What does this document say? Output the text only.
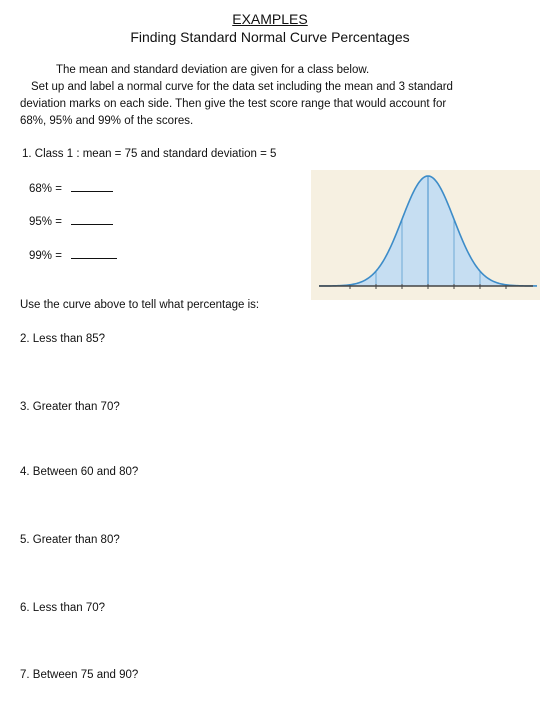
EXAMPLES
Finding Standard Normal Curve Percentages
The mean and standard deviation are given for a class below.
Set up and label a normal curve for the data set including the mean and 3 standard
deviation marks on each side. Then give the test score range that would account for
68%, 95% and 99% of the scores.
1. Class 1 : mean = 75 and standard deviation = 5
68% =
95% =
99% =
Use the curve above to tell what percentage is:
2. Less than 85?
3. Greater than 70?
4. Between 60 and 80?
5. Greater than 80?
6. Less than 70?
7. Between 75 and 90?
